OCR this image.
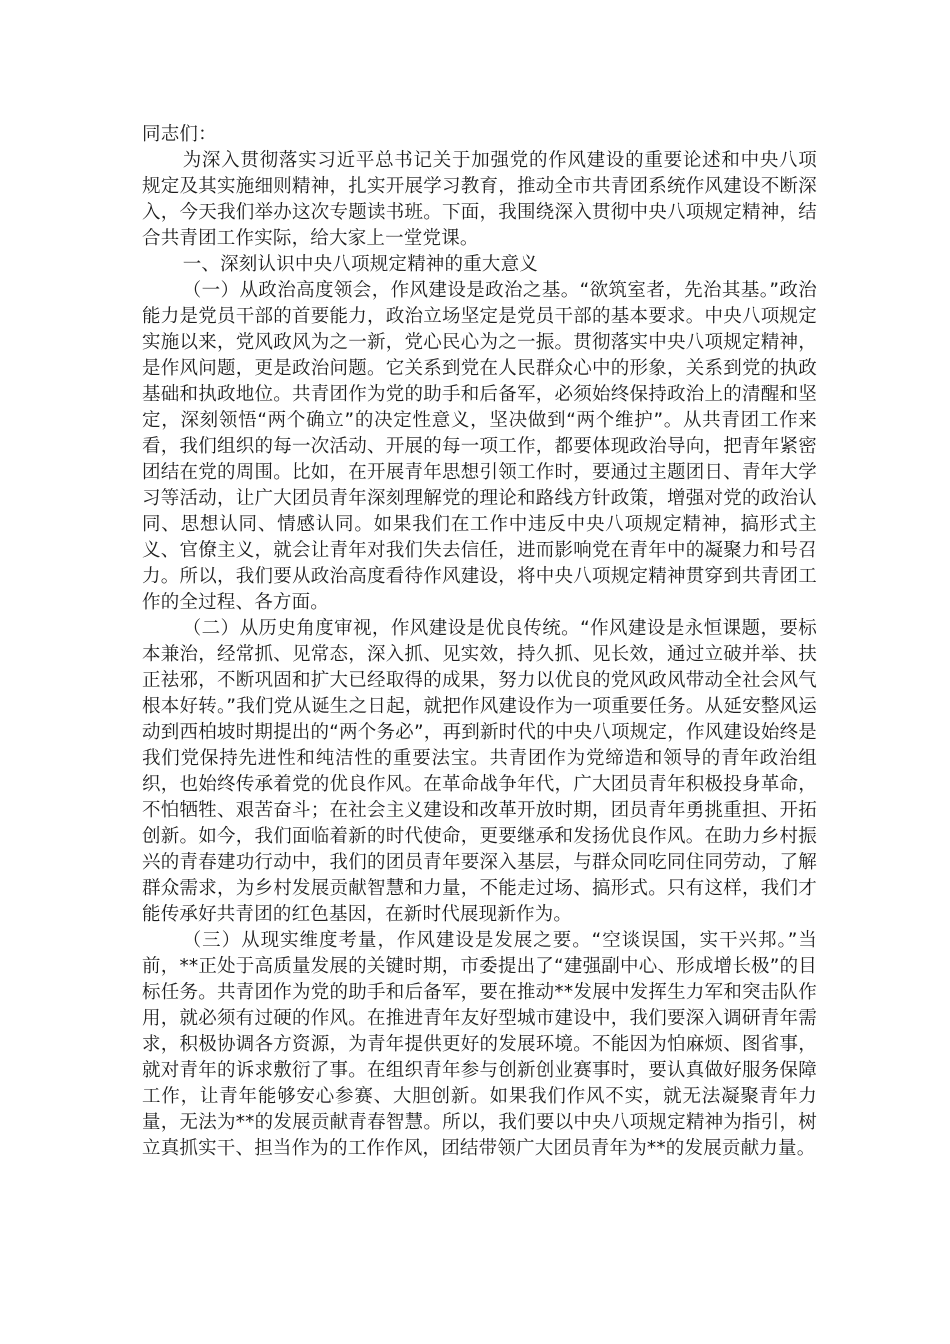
同志们：

为深入贯彻落实习近平总书记关于加强党的作风建设的重要论述和中央八项规定及其实施细则精神，扎实开展学习教育，推动全市共青团系统作风建设不断深入，今天我们举办这次专题读书班。下面，我围绕深入贯彻中央八项规定精神，结合共青团工作实际，给大家上一堂党课。

一、深刻认识中央八项规定精神的重大意义

（一）从政治高度领会，作风建设是政治之基。“欲筑室者，先治其基。”政治能力是党员干部的首要能力，政治立场坚定是党员干部的基本要求。中央八项规定实施以来，党风政风为之一新，党心民心为之一振。贯彻落实中央八项规定精神，是作风问题，更是政治问题。它关系到党在人民群众心中的形象，关系到党的执政基础和执政地位。共青团作为党的助手和后备军，必须始终保持政治上的清醒和坚定，深刻领悟“两个确立”的决定性意义，坚决做到“两个维护”。从共青团工作来看，我们组织的每一次活动、开展的每一项工作，都要体现政治导向，把青年紧密团结在党的周围。比如，在开展青年思想引领工作时，要通过主题团日、青年大学习等活动，让广大团员青年深刻理解党的理论和路线方针政策，增强对党的政治认同、思想认同、情感认同。如果我们在工作中违反中央八项规定精神，搞形式主义、官僚主义，就会让青年对我们失去信任，进而影响党在青年中的凝聚力和号召力。所以，我们要从政治高度看待作风建设，将中央八项规定精神贯穿到共青团工作的全过程、各方面。

（二）从历史角度审视，作风建设是优良传统。“作风建设是永恒课题，要标本兼治，经常抓、见常态，深入抓、见实效，持久抓、见长效，通过立破并举、扶正祛邪，不断巩固和扩大已经取得的成果，努力以优良的党风政风带动全社会风气根本好转。”我们党从诞生之日起，就把作风建设作为一项重要任务。从延安整风运动到西柏坡时期提出的“两个务必”，再到新时代的中央八项规定，作风建设始终是我们党保持先进性和纯洁性的重要法宝。共青团作为党缔造和领导的青年政治组织，也始终传承着党的优良作风。在革命战争年代，广大团员青年积极投身革命，不怕牺牲、艰苦奋斗；在社会主义建设和改革开放时期，团员青年勇挑重担、开拓创新。如今，我们面临着新的时代使命，更要继承和发扬优良作风。在助力乡村振兴的青春建功行动中，我们的团员青年要深入基层，与群众同吃同住同劳动，了解群众需求，为乡村发展贡献智慧和力量，不能走过场、搞形式。只有这样，我们才能传承好共青团的红色基因，在新时代展现新作为。

（三）从现实维度考量，作风建设是发展之要。“空谈误国，实干兴邦。”当前，**正处于高质量发展的关键时期，市委提出了“建强副中心、形成增长极”的目标任务。共青团作为党的助手和后备军，要在推动**发展中发挥生力军和突击队作用，就必须有过硬的作风。在推进青年友好型城市建设中，我们要深入调研青年需求，积极协调各方资源，为青年提供更好的发展环境。不能因为怕麻烦、图省事，就对青年的诉求敷衍了事。在组织青年参与创新创业赛事时，要认真做好服务保障工作，让青年能够安心参赛、大胆创新。如果我们作风不实，就无法凝聚青年力量，无法为**的发展贡献青春智慧。所以，我们要以中央八项规定精神为指引，树立真抓实干、担当作为的工作作风，团结带领广大团员青年为**的发展贡献力量。
